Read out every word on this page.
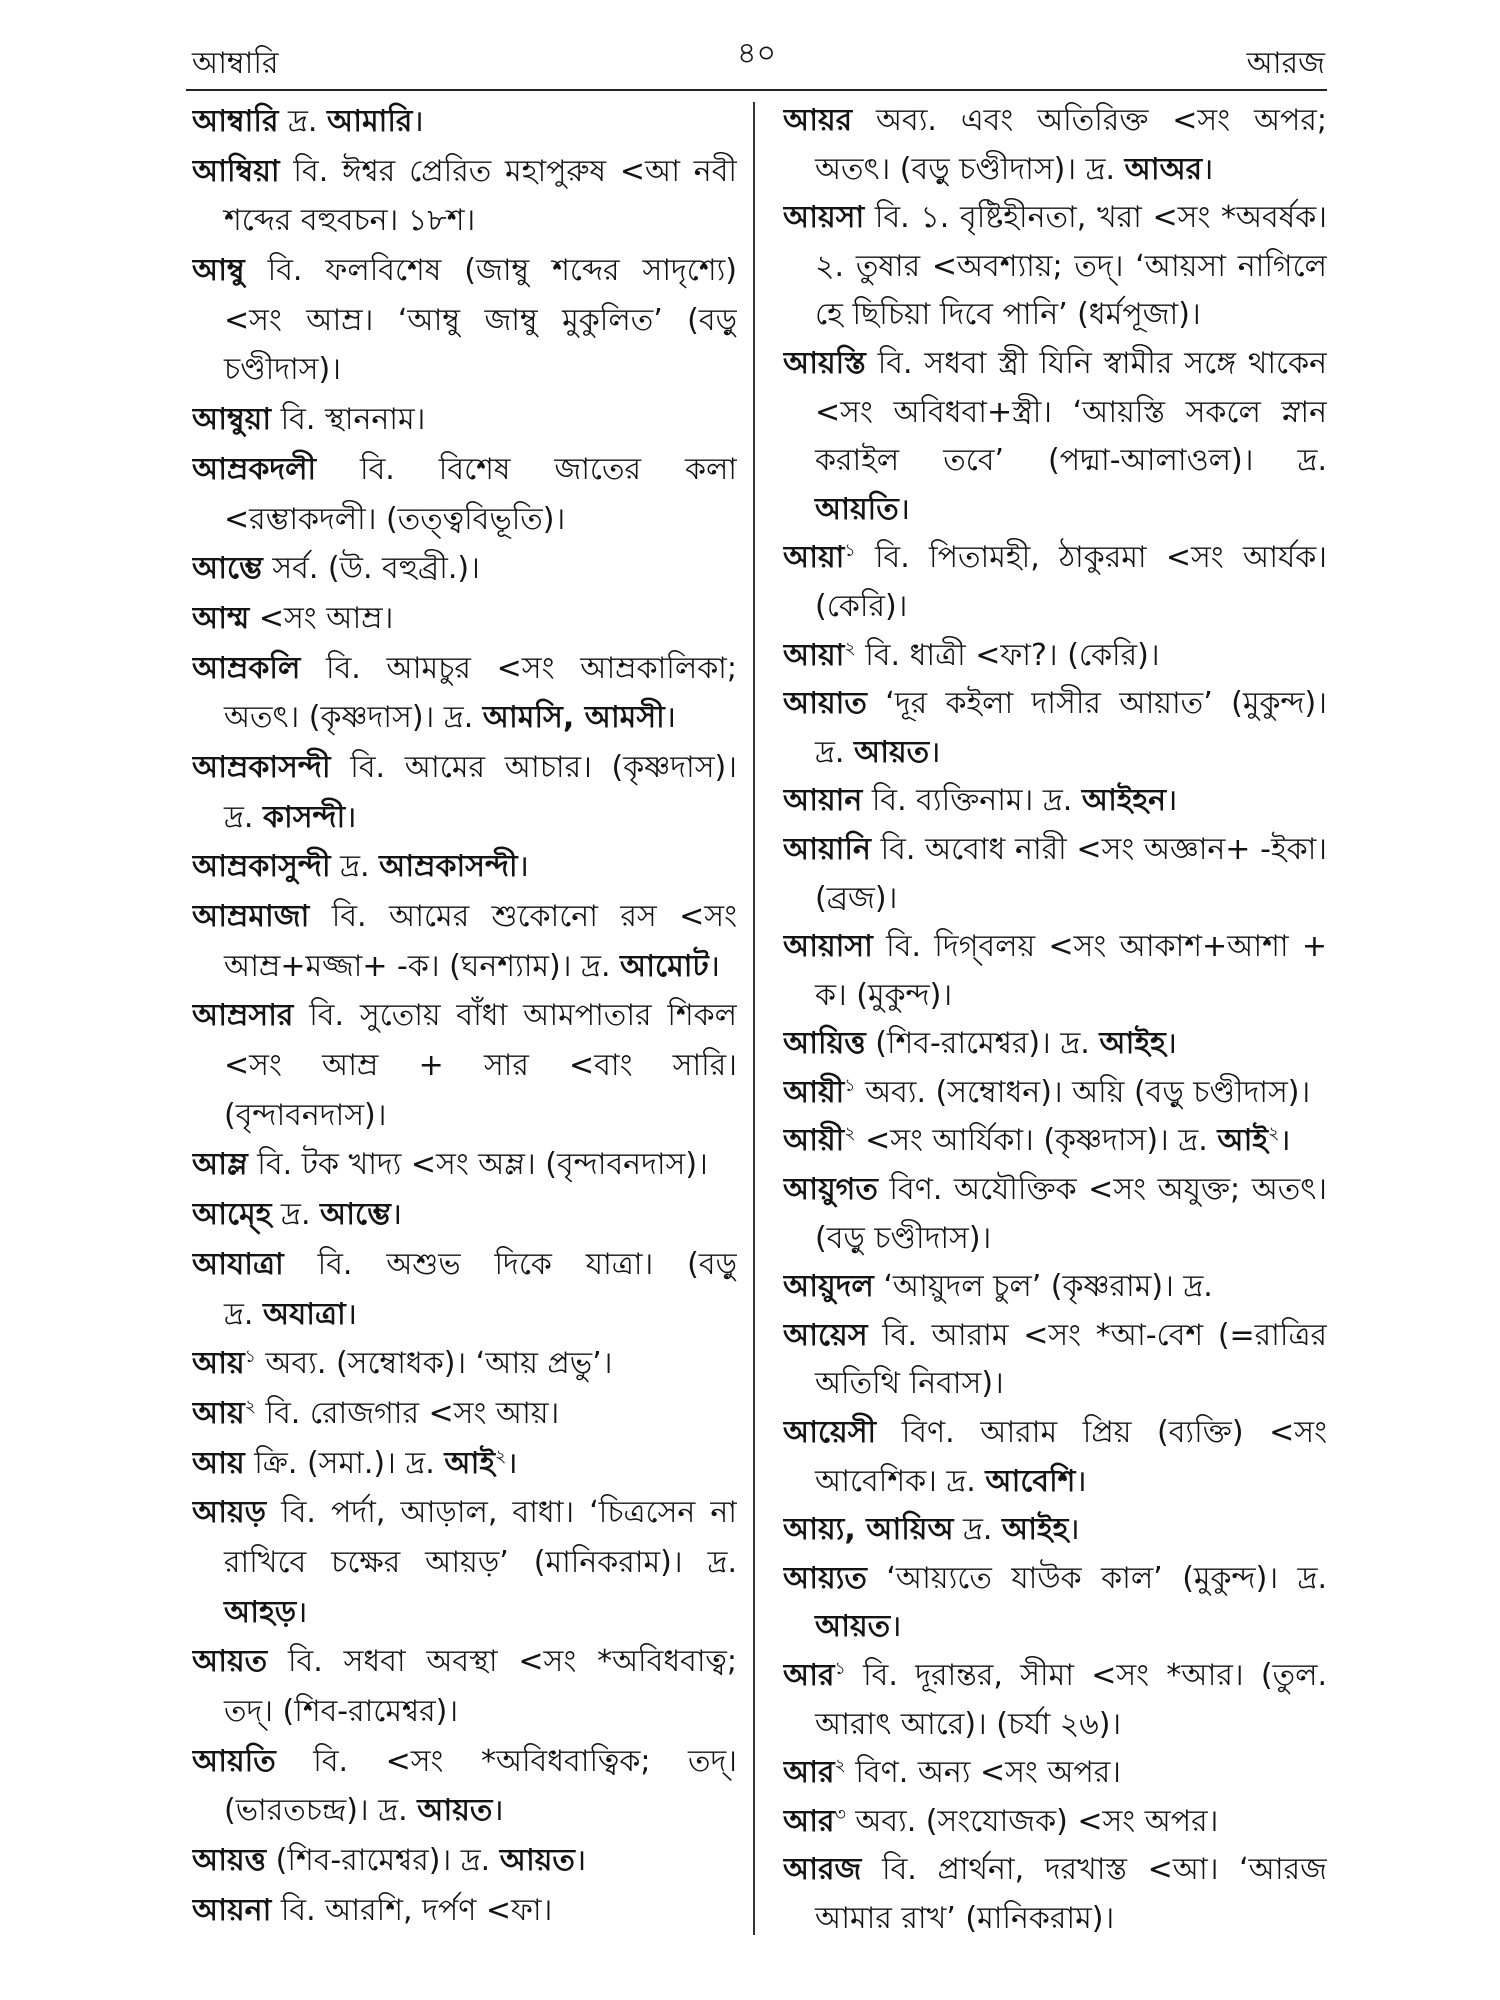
আম্বারি	৪০	আরজ
আম্বারি দ্র. আমারি।
আম্বিয়া বি. ঈশ্বর প্রেরিত মহাপুরুষ <আ নবী
শব্দের বহুবচন। ১৮শ।
আম্বু বি. ফলবিশেষ (জাম্বু শব্দের সাদৃশ্যে)
<সং আম্র। ‘আম্বু জাম্বু মুকুলিত’ (বড়ু
চণ্ডীদাস)।
আম্বুয়া বি. স্থাননাম।
আম্রকদলী বি. বিশেষ জাতের কলা
<রম্ভাকদলী। (তত্ত্ববিভূতি)।
আম্ভে সর্ব. (উ. বহুব্রী.)।
আম্ম <সং আম্র।
আম্রকলি বি. আমচুর <সং আম্রকালিকা;
অতৎ। (কৃষ্ণদাস)। দ্র. আমসি, আমসী।
আম্রকাসন্দী বি. আমের আচার। (কৃষ্ণদাস)।
দ্র. কাসন্দী।
আম্রকাসুন্দী দ্র. আম্রকাসন্দী।
আম্রমাজা বি. আমের শুকোনো রস <সং
আম্র+মজ্জা+ -ক। (ঘনশ্যাম)। দ্র. আমোট।
আম্রসার বি. সুতোয় বাঁধা আমপাতার শিকল
<সং আম্র + সার <বাং সারি।
(বৃন্দাবনদাস)।
আম্ল বি. টক খাদ্য <সং অম্ল। (বৃন্দাবনদাস)।
আম্হে দ্র. আম্ভে।
আযাত্রা বি. অশুভ দিকে যাত্রা। (বড়ু
দ্র. অযাত্রা।
আয়$^১$ অব্য. (সম্বোধক)। ‘আয় প্রভু’।
আয়$^২$ বি. রোজগার <সং আয়।
আয় ক্রি. (সমা.)। দ্র. আই$^২$।
আয়ড় বি. পর্দা, আড়াল, বাধা। ‘চিত্রসেন না
রাখিবে চক্ষের আয়ড়’ (মানিকরাম)। দ্র.
আহড়।
আয়ত বি. সধবা অবস্থা <সং *অবিধবাত্ব;
তদ্। (শিব-রামেশ্বর)।
আয়তি বি. <সং *অবিধবাত্বিক; তদ্।
(ভারতচন্দ্র)। দ্র. আয়ত।
আয়ত্ত (শিব-রামেশ্বর)। দ্র. আয়ত।
আয়না বি. আরশি, দর্পণ <ফা।
আয়র অব্য. এবং অতিরিক্ত <সং অপর;
অতৎ। (বড়ু চণ্ডীদাস)। দ্র. আঅর।
আয়সা বি. ১. বৃষ্টিহীনতা, খরা <সং *অবর্ষক।
২. তুষার <অবশ্যায়; তদ্। ‘আয়সা নাগিলে
হে ছিচিয়া দিবে পানি’ (ধর্মপূজা)।
আয়স্তি বি. সধবা স্ত্রী যিনি স্বামীর সঙ্গে থাকেন
<সং অবিধবা+স্ত্রী। ‘আয়স্তি সকলে স্নান
করাইল তবে’ (পদ্মা-আলাওল)। দ্র.
আয়তি।
আয়া$^১$ বি. পিতামহী, ঠাকুরমা <সং আর্যক।
(কেরি)।
আয়া$^২$ বি. ধাত্রী <ফা?। (কেরি)।
আয়াত ‘দূর কইলা দাসীর আয়াত’ (মুকুন্দ)।
দ্র. আয়ত।
আয়ান বি. ব্যক্তিনাম। দ্র. আইহন।
আয়ানি বি. অবোধ নারী <সং অজ্ঞান+ -ইকা।
(ব্রজ)।
আয়াসা বি. দিগ্‌বলয় <সং আকাশ+আশা +
ক। (মুকুন্দ)।
আয়িত্ত (শিব-রামেশ্বর)। দ্র. আইহ।
আয়ী$^১$ অব্য. (সম্বোধন)। অয়ি (বড়ু চণ্ডীদাস)।
আয়ী$^২$ <সং আর্যিকা। (কৃষ্ণদাস)। দ্র. আই$^২$।
আয়ুগত বিণ. অযৌক্তিক <সং অযুক্ত; অতৎ।
(বড়ু চণ্ডীদাস)।
আয়ুদল ‘আয়ুদল চুল’ (কৃষ্ণরাম)। দ্র.
আয়েস বি. আরাম <সং *আ-বেশ (=রাত্রির
অতিথি নিবাস)।
আয়েসী বিণ. আরাম প্রিয় (ব্যক্তি) <সং
আবেশিক। দ্র. আবেশি।
আয়্য, আয়িঅ দ্র. আইহ।
আয়্যত ‘আয়্যতে যাউক কাল’ (মুকুন্দ)। দ্র.
আয়ত।
আর$^১$ বি. দূরান্তর, সীমা <সং *আর। (তুল.
আরাৎ আরে)। (চর্যা ২৬)।
আর$^২$ বিণ. অন্য <সং অপর।
আর$^৩$ অব্য. (সংযোজক) <সং অপর।
আরজ বি. প্রার্থনা, দরখাস্ত <আ। ‘আরজ
আমার রাখ’ (মানিকরাম)।
